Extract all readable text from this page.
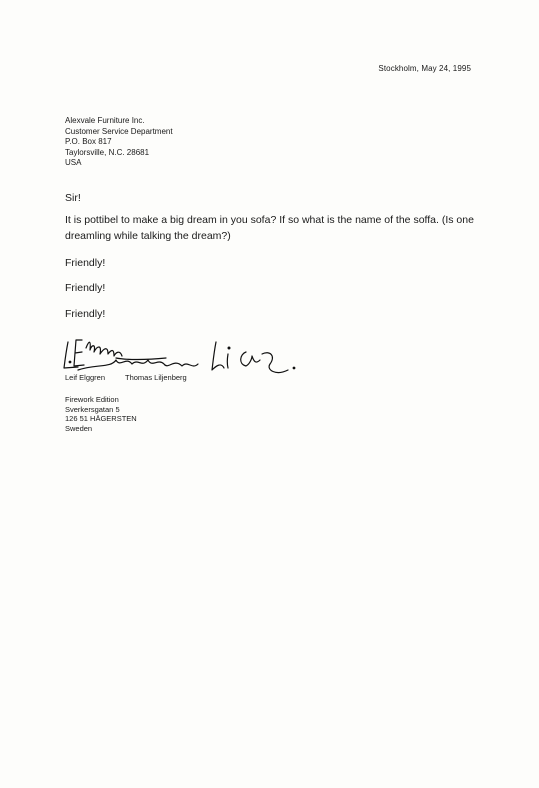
Stockholm, May 24, 1995
Alexvale Furniture Inc.
Customer Service Department
P.O. Box 817
Taylorsville, N.C. 28681
USA
Sir!
It is pottibel to make a big dream in you sofa? If so what is the name of the soffa. (Is one dreamling while talking the dream?)
Friendly!
Friendly!
Friendly!
Leif Elggren	Thomas Liljenberg
Firework Edition
Sverkersgatan 5
126 51 HÄGERSTEN
Sweden
